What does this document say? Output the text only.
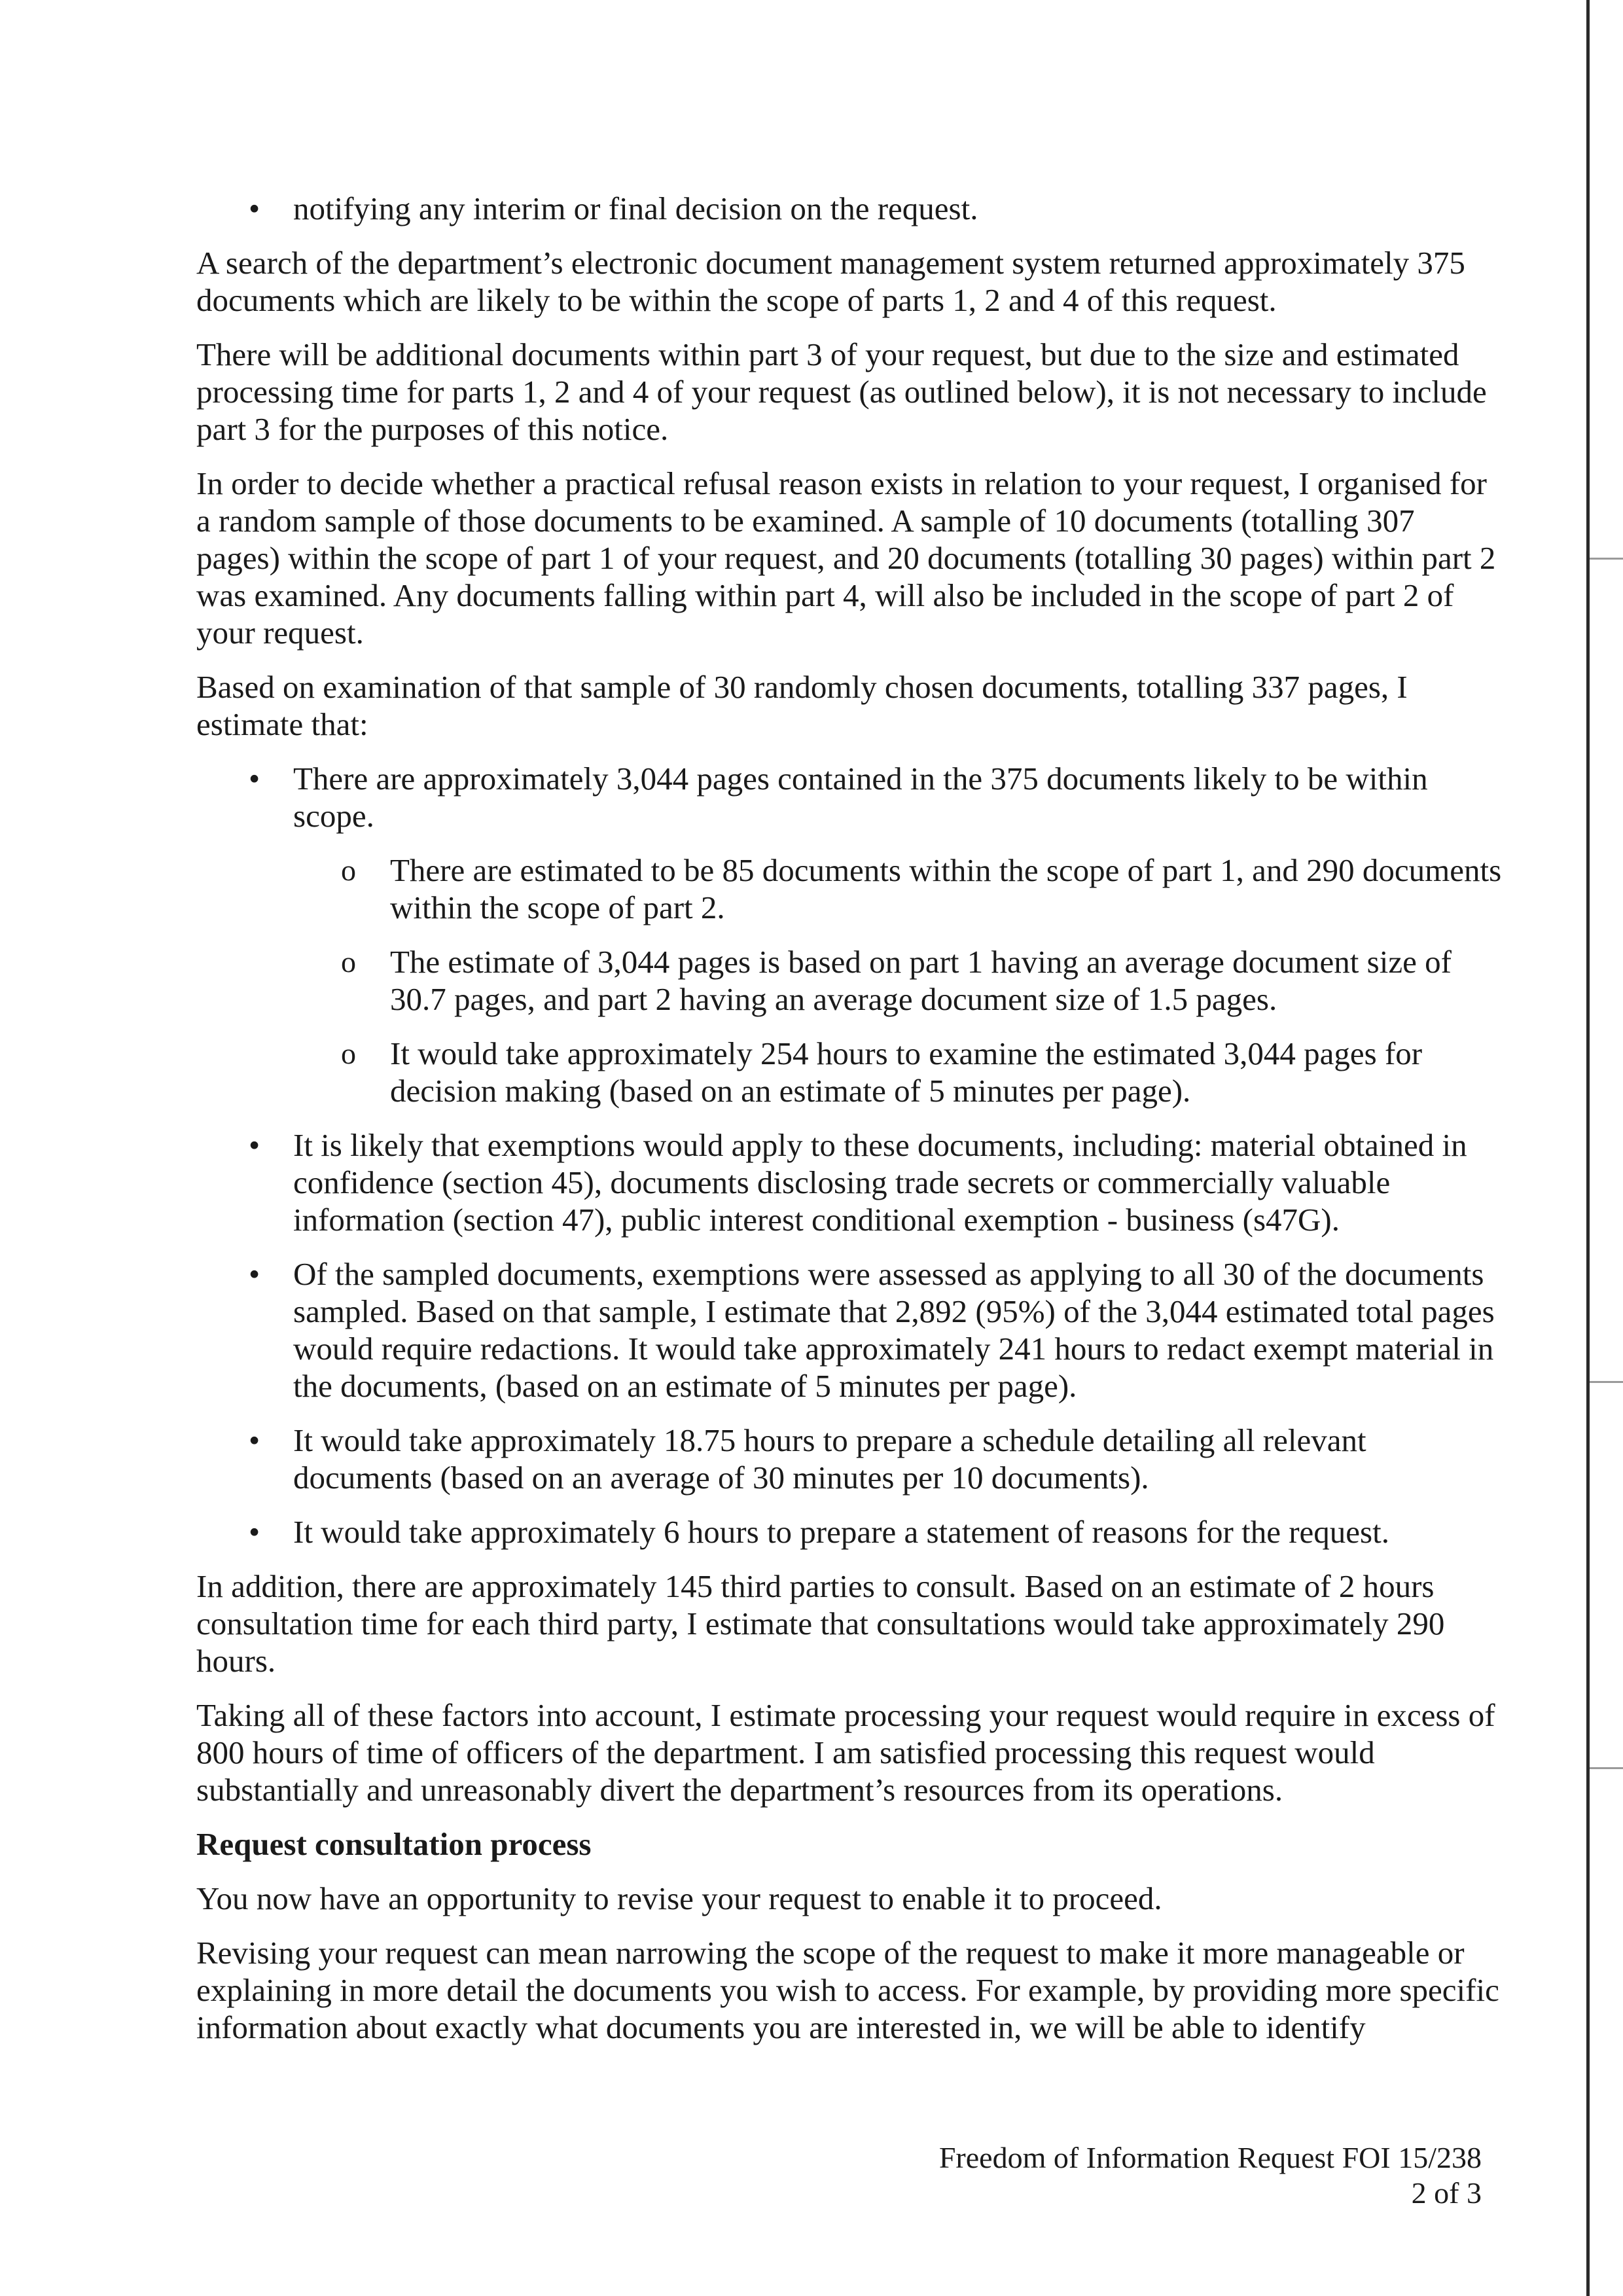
• notifying any interim or final decision on the request.

A search of the department’s electronic document management system returned approximately 375 documents which are likely to be within the scope of parts 1, 2 and 4 of this request.

There will be additional documents within part 3 of your request, but due to the size and estimated processing time for parts 1, 2 and 4 of your request (as outlined below), it is not necessary to include part 3 for the purposes of this notice.

In order to decide whether a practical refusal reason exists in relation to your request, I organised for a random sample of those documents to be examined. A sample of 10 documents (totalling 307 pages) within the scope of part 1 of your request, and 20 documents (totalling 30 pages) within part 2 was examined. Any documents falling within part 4, will also be included in the scope of part 2 of your request.

Based on examination of that sample of 30 randomly chosen documents, totalling 337 pages, I estimate that:

• There are approximately 3,044 pages contained in the 375 documents likely to be within scope.
o There are estimated to be 85 documents within the scope of part 1, and 290 documents within the scope of part 2.
o The estimate of 3,044 pages is based on part 1 having an average document size of 30.7 pages, and part 2 having an average document size of 1.5 pages.
o It would take approximately 254 hours to examine the estimated 3,044 pages for decision making (based on an estimate of 5 minutes per page).
• It is likely that exemptions would apply to these documents, including: material obtained in confidence (section 45), documents disclosing trade secrets or commercially valuable information (section 47), public interest conditional exemption - business (s47G).
• Of the sampled documents, exemptions were assessed as applying to all 30 of the documents sampled. Based on that sample, I estimate that 2,892 (95%) of the 3,044 estimated total pages would require redactions. It would take approximately 241 hours to redact exempt material in the documents, (based on an estimate of 5 minutes per page).
• It would take approximately 18.75 hours to prepare a schedule detailing all relevant documents (based on an average of 30 minutes per 10 documents).
• It would take approximately 6 hours to prepare a statement of reasons for the request.

In addition, there are approximately 145 third parties to consult. Based on an estimate of 2 hours consultation time for each third party, I estimate that consultations would take approximately 290 hours.

Taking all of these factors into account, I estimate processing your request would require in excess of 800 hours of time of officers of the department. I am satisfied processing this request would substantially and unreasonably divert the department’s resources from its operations.

Request consultation process

You now have an opportunity to revise your request to enable it to proceed.

Revising your request can mean narrowing the scope of the request to make it more manageable or explaining in more detail the documents you wish to access. For example, by providing more specific information about exactly what documents you are interested in, we will be able to identify

Freedom of Information Request FOI 15/238
2 of 3
